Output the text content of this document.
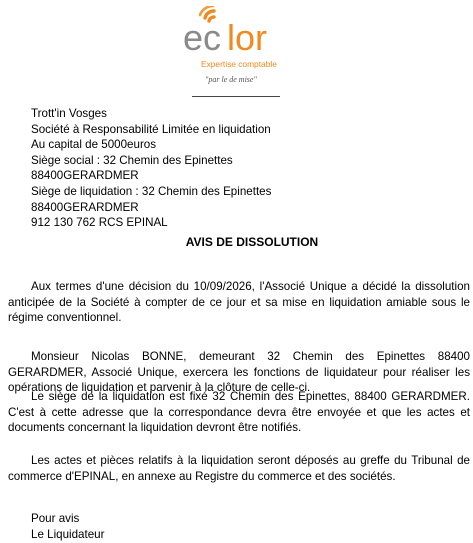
ec lor
Expertise comptable
"par le de mise"
Trott'in Vosges
Société à Responsabilité Limitée en liquidation
Au capital de 5000euros
Siège social : 32 Chemin des Epinettes
88400GERARDMER
Siège de liquidation : 32 Chemin des Epinettes
88400GERARDMER
912 130 762 RCS EPINAL
AVIS DE DISSOLUTION

Aux termes d'une décision du 10/09/2026, l'Associé Unique a décidé la dissolution anticipée de la Société à compter de ce jour et sa mise en liquidation amiable sous le régime conventionnel.

Monsieur Nicolas BONNE, demeurant 32 Chemin des Epinettes 88400 GERARDMER, Associé Unique, exercera les fonctions de liquidateur pour réaliser les opérations de liquidation et parvenir à la clôture de celle-ci.

Le siège de la liquidation est fixé 32 Chemin des Epinettes, 88400 GERARDMER. C'est à cette adresse que la correspondance devra être envoyée et que les actes et documents concernant la liquidation devront être notifiés.

Les actes et pièces relatifs à la liquidation seront déposés au greffe du Tribunal de commerce d'EPINAL, en annexe au Registre du commerce et des sociétés.

Pour avis
Le Liquidateur
